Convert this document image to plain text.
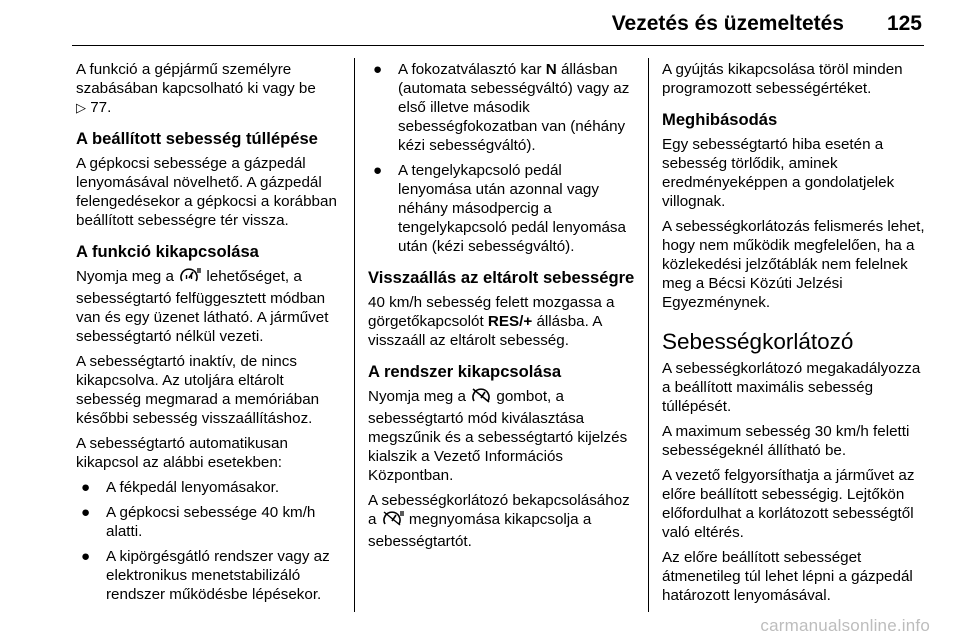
Vezetés és üzemeltetés 125

A funkció a gépjármű személyre szabásában kapcsolható ki vagy be
▷ 77.

A beállított sebesség túllépése

A gépkocsi sebessége a gázpedál lenyomásával növelhető. A gázpedál felengedésekor a gépkocsi a korábban beállított sebességre tér vissza.

A funkció kikapcsolása

Nyomja meg a lehetőséget, a sebességtartó felfüggesztett módban van és egy üzenet látható. A járművet sebességtartó nélkül vezeti.

A sebességtartó inaktív, de nincs kikapcsolva. Az utoljára eltárolt sebesség megmarad a memóriában későbbi sebesség visszaállításhoz.

A sebességtartó automatikusan kikapcsol az alábbi esetekben:

● A fékpedál lenyomásakor.
● A gépkocsi sebessége 40 km/h alatti.
● A kipörgésgátló rendszer vagy az elektronikus menetstabilizáló rendszer működésbe lépésekor.
● A fokozatválasztó kar N állásban (automata sebességváltó) vagy az első illetve második sebességfokozatban van (néhány kézi sebességváltó).
● A tengelykapcsoló pedál lenyomása után azonnal vagy néhány másodpercig a tengelykapcsoló pedál lenyomása után (kézi sebességváltó).
Visszaállás az eltárolt sebességre

40 km/h sebesség felett mozgassa a görgetőkapcsolót RES/+ állásba. A visszaáll az eltárolt sebesség.

A rendszer kikapcsolása

Nyomja meg a gombot, a sebességtartó mód kiválasztása megszűnik és a sebességtartó kijelzés kialszik a Vezető Információs Központban.

A sebességkorlátozó bekapcsolásához a megnyomása kikapcsolja a sebességtartót.

A gyújtás kikapcsolása töröl minden programozott sebességértéket.

Meghibásodás

Egy sebességtartó hiba esetén a sebesség törlődik, aminek eredményeképpen a gondolatjelek villognak.

A sebességkorlátozás felismerés lehet, hogy nem működik megfelelően, ha a közlekedési jelzőtáblák nem felelnek meg a Bécsi Közúti Jelzési Egyezménynek.

Sebességkorlátozó

A sebességkorlátozó megakadályozza a beállított maximális sebesség túllépését.

A maximum sebesség 30 km/h feletti sebességeknél állítható be.

A vezető felgyorsíthatja a járművet az előre beállított sebességig. Lejtőkön előfordulhat a korlátozott sebességtől való eltérés.

Az előre beállított sebességet átmenetileg túl lehet lépni a gázpedál határozott lenyomásával.

carmanualsonline.info
